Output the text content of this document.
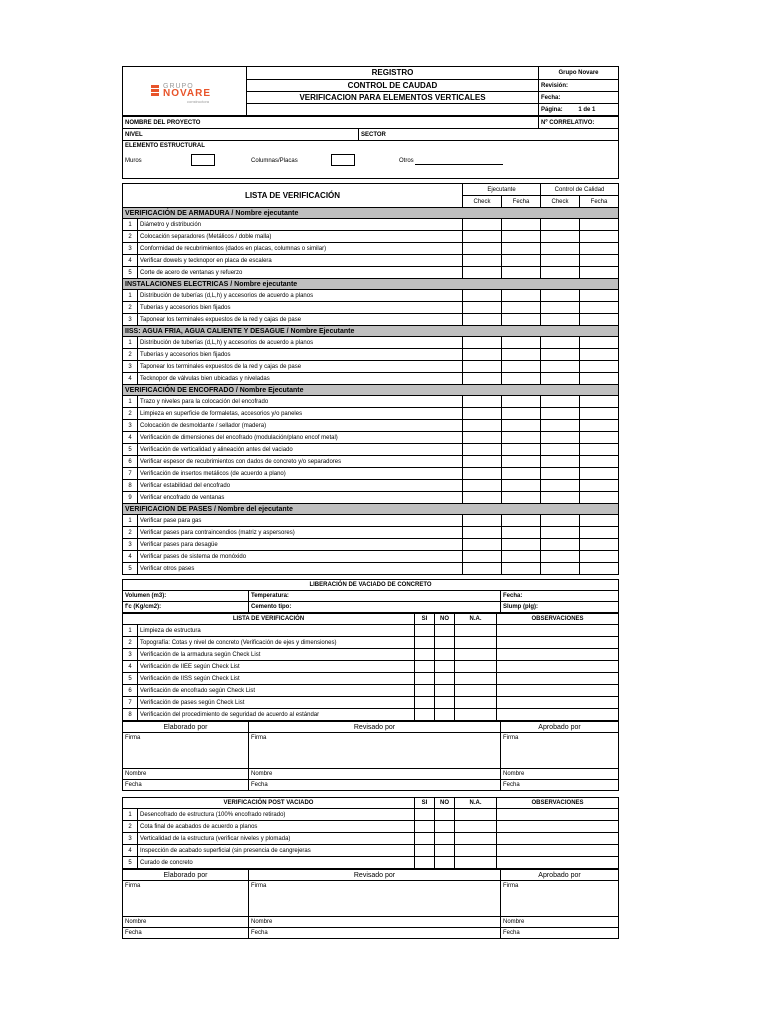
GRUPO
NOVARE
constructora	REGISTRO	Grupo Novare
	CONTROL DE CAUDAD	Revisión:
	VERIFICACION PARA ELEMENTOS VERTICALES	Fecha:
		Página: 1 de 1
NOMBRE DEL PROYECTO		Nº CORRELATIVO:
NIVEL	SECTOR	

ELEMENTO ESTRUCTURAL
Muros Columnas/Placas Otros		
LISTA DE VERIFICACIÓN		Ejecutante		Control de Calidad	
		Check	Fecha	Check	Fecha
VERIFICACIÓN DE ARMADURA / Nombre ejecutante					
1	Diámetro y distribución				
2	Colocación separadores (Metálicos / doble malla)				
3	Conformidad de recubrimientos (dados en placas, columnas o similar)				
4	Verificar dowels y tecknopor en placa de escalera				
5	Corte de acero de ventanas y refuerzo				
INSTALACIONES ELECTRICAS / Nombre ejecutante					
1	Distribución de tuberías (d,L,h) y accesorios de acuerdo a planos				
2	Tuberías y accesorios bien fijados				
3	Taponear los terminales expuestos de la red y cajas de pase				
IISS: AGUA FRIA, AGUA CALIENTE Y DESAGUE / Nombre Ejecutante					
1	Distribución de tuberías (d,L,h) y accesorios de acuerdo a planos				
2	Tuberías y accesorios bien fijados				
3	Taponear los terminales expuestos de la red y cajas de pase				
4	Tecknopor de válvulas bien ubicadas y niveladas				
VERIFICACIÓN DE ENCOFRADO / Nombre Ejecutante					
1	Trazo y niveles para la colocación del encofrado				
2	Limpieza en superficie de formaletas, accesorios y/o paneles				
3	Colocación de desmoldante / sellador (madera)				
4	Verificación de dimensiones del encofrado (modulación/plano encof metal)				
5	Verificación de verticalidad y alineación antes del vaciado				
6	Verificar espesor de recubrimientos con dados de concreto y/o separadores				
7	Verificación de insertos metálicos (de acuerdo a plano)				
8	Verificar estabilidad del encofrado				
9	Verificar encofrado de ventanas				
VERIFICACION DE PASES / Nombre del ejecutante					
1	Verificar pase para gas				
2	Verificar pases para contraincendios (matriz y aspersores)				
3	Verificar pases para desagüe				
4	Verificar pases de sistema de monóxido				
5	Verificar otros pases				
LIBERACIÓN DE VACIADO DE CONCRETO		
Volumen (m3):	Temperatura:	Fecha:
f'c (Kg/cm2):	Cemento tipo:	Slump (plg):
LISTA DE VERIFICACIÓN		SI	NO	N.A.	OBSERVACIONES
1	Limpieza de estructura				
2	Topografía: Cotas y nivel de concreto (Verificación de ejes y dimensiones)				
3	Verificación de la armadura según Check List				
4	Verificación de IIEE según Check List				
5	Verificación de IISS según Check List				
6	Verificación de encofrado según Check List				
7	Verificación de pases según Check List				
8	Verificación del procedimiento de seguridad de acuerdo al estándar				
Elaborado por	Revisado por	Aprobado por
Firma	Firma	Firma
Nombre	Nombre	Nombre
Fecha	Fecha	Fecha
VERIFICACIÓN POST VACIADO		SI	NO	N.A.	OBSERVACIONES
1	Desencofrado de estructura (100% encofrado retirado)				
2	Cota final de acabados de acuerdo a planos				
3	Verticalidad de la estructura (verificar niveles y plomada)				
4	Inspección de acabado superficial (sin presencia de cangrejeras				
5	Curado de concreto				
Elaborado por	Revisado por	Aprobado por
Firma	Firma	Firma
Nombre	Nombre	Nombre
Fecha	Fecha	Fecha
